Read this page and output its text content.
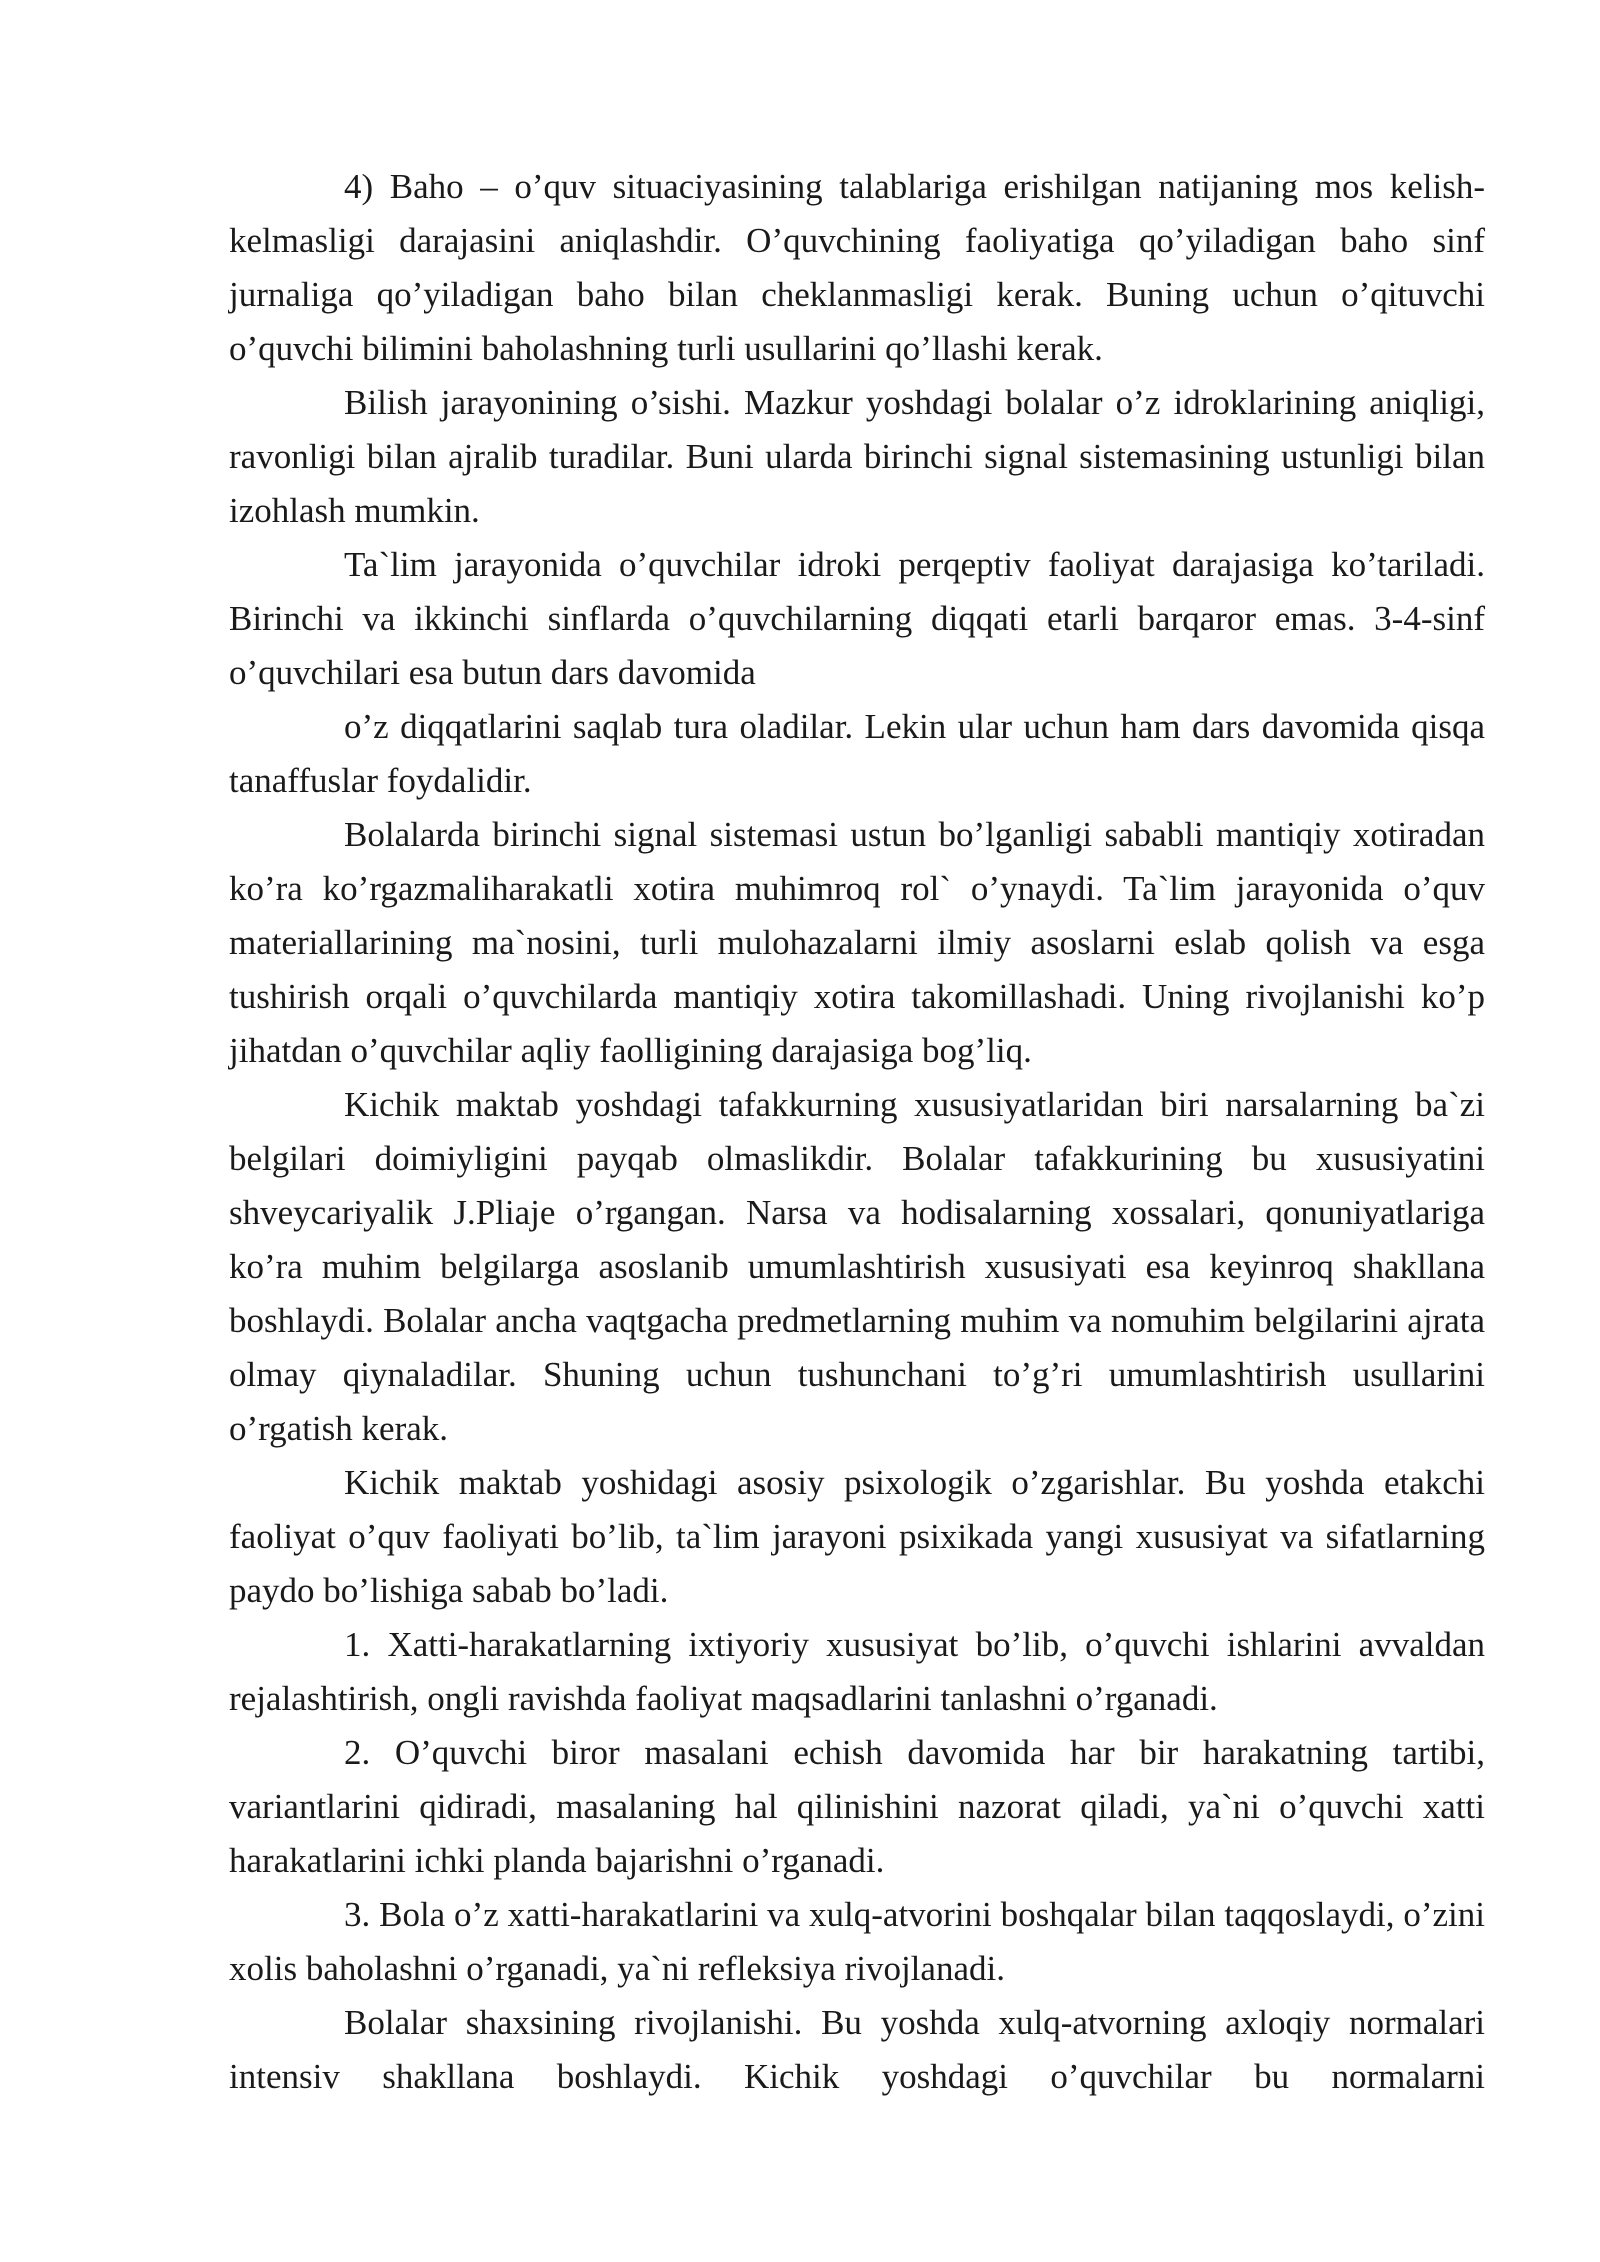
4) Baho – o’quv situaciyasining talablariga erishilgan natijaning mos kelish-kelmasligi darajasini aniqlashdir. O’quvchining faoliyatiga qo’yiladigan baho sinf jurnaliga qo’yiladigan baho bilan cheklanmasligi kerak. Buning uchun o’qituvchi o’quvchi bilimini baholashning turli usullarini qo’llashi kerak.

Bilish jarayonining o’sishi. Mazkur yoshdagi bolalar o’z idroklarining aniqligi, ravonligi bilan ajralib turadilar. Buni ularda birinchi signal sistemasining ustunligi bilan izohlash mumkin.

Ta`lim jarayonida o’quvchilar idroki perqeptiv faoliyat darajasiga ko’tariladi. Birinchi va ikkinchi sinflarda o’quvchilarning diqqati etarli barqaror emas. 3-4-sinf o’quvchilari esa butun dars davomida

o’z diqqatlarini saqlab tura oladilar. Lekin ular uchun ham dars davomida qisqa tanaffuslar foydalidir.

Bolalarda birinchi signal sistemasi ustun bo’lganligi sababli mantiqiy xotiradan ko’ra ko’rgazmaliharakatli xotira muhimroq rol` o’ynaydi. Ta`lim jarayonida o’quv materiallarining ma`nosini, turli mulohazalarni ilmiy asoslarni eslab qolish va esga tushirish orqali o’quvchilarda mantiqiy xotira takomillashadi. Uning rivojlanishi ko’p jihatdan o’quvchilar aqliy faolligining darajasiga bog’liq.

Kichik maktab yoshdagi tafakkurning xususiyatlaridan biri narsalarning ba`zi belgilari doimiyligini payqab olmaslikdir. Bolalar tafakkurining bu xususiyatini shveycariyalik J.Pliaje o’rgangan. Narsa va hodisalarning xossalari, qonuniyatlariga ko’ra muhim belgilarga asoslanib umumlashtirish xususiyati esa keyinroq shakllana boshlaydi. Bolalar ancha vaqtgacha predmetlarning muhim va nomuhim belgilarini ajrata olmay qiynaladilar. Shuning uchun tushunchani to’g’ri umumlashtirish usullarini o’rgatish kerak.

Kichik maktab yoshidagi asosiy psixologik o’zgarishlar. Bu yoshda etakchi faoliyat o’quv faoliyati bo’lib, ta`lim jarayoni psixikada yangi xususiyat va sifatlarning paydo bo’lishiga sabab bo’ladi.

1. Xatti-harakatlarning ixtiyoriy xususiyat bo’lib, o’quvchi ishlarini avvaldan rejalashtirish, ongli ravishda faoliyat maqsadlarini tanlashni o’rganadi.

2. O’quvchi biror masalani echish davomida har bir harakatning tartibi, variantlarini qidiradi, masalaning hal qilinishini nazorat qiladi, ya`ni o’quvchi xatti harakatlarini ichki planda bajarishni o’rganadi.

3. Bola o’z xatti-harakatlarini va xulq-atvorini boshqalar bilan taqqoslaydi, o’zini xolis baholashni o’rganadi, ya`ni refleksiya rivojlanadi.

Bolalar shaxsining rivojlanishi. Bu yoshda xulq-atvorning axloqiy normalari intensiv shakllana boshlaydi. Kichik yoshdagi o’quvchilar bu normalarni
